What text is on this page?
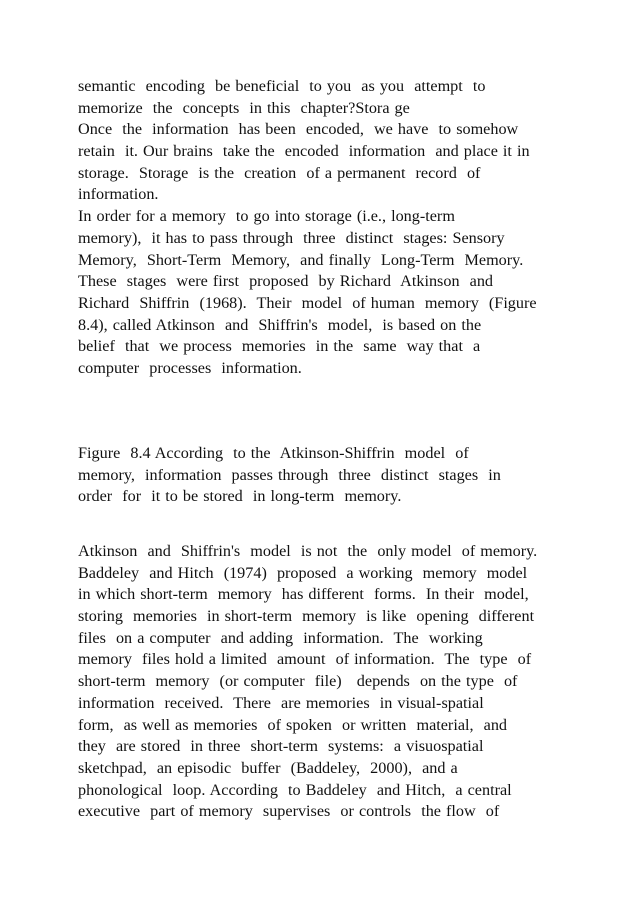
semantic  encoding  be beneficial  to you  as you  attempt  to
memorize  the  concepts  in this  chapter?Stora ge
Once  the  information  has been  encoded,  we have  to somehow
retain  it. Our brains  take the  encoded  information  and place it in
storage.  Storage  is the  creation  of a permanent  record  of
information.
In order for a memory  to go into storage (i.e., long-term
memory),  it has to pass through  three  distinct  stages: Sensory
Memory,  Short-Term  Memory,  and finally  Long-Term  Memory.
These  stages  were first  proposed  by Richard  Atkinson  and
Richard  Shiffrin  (1968).  Their  model  of human  memory  (Figure
8.4), called Atkinson  and  Shiffrin's  model,  is based on the
belief  that  we process  memories  in the  same  way that  a
computer  processes  information.
Figure  8.4 According  to the  Atkinson-Shiffrin  model  of
memory,  information  passes through  three  distinct  stages  in
order  for  it to be stored  in long-term  memory.
Atkinson  and  Shiffrin's  model  is not  the  only model  of memory.
Baddeley  and Hitch  (1974)  proposed  a working  memory  model
in which short-term  memory  has different  forms.  In their  model,
storing  memories  in short-term  memory  is like  opening  different
files  on a computer  and adding  information.  The  working
memory  files hold a limited  amount  of information.  The  type  of
short-term  memory  (or computer  file)   depends  on the type  of
information  received.  There  are memories  in visual-spatial
form,  as well as memories  of spoken  or written  material,  and
they  are stored  in three  short-term  systems:  a visuospatial
sketchpad,  an episodic  buffer  (Baddeley,  2000),  and a
phonological  loop. According  to Baddeley  and Hitch,  a central
executive  part of memory  supervises  or controls  the flow  of
